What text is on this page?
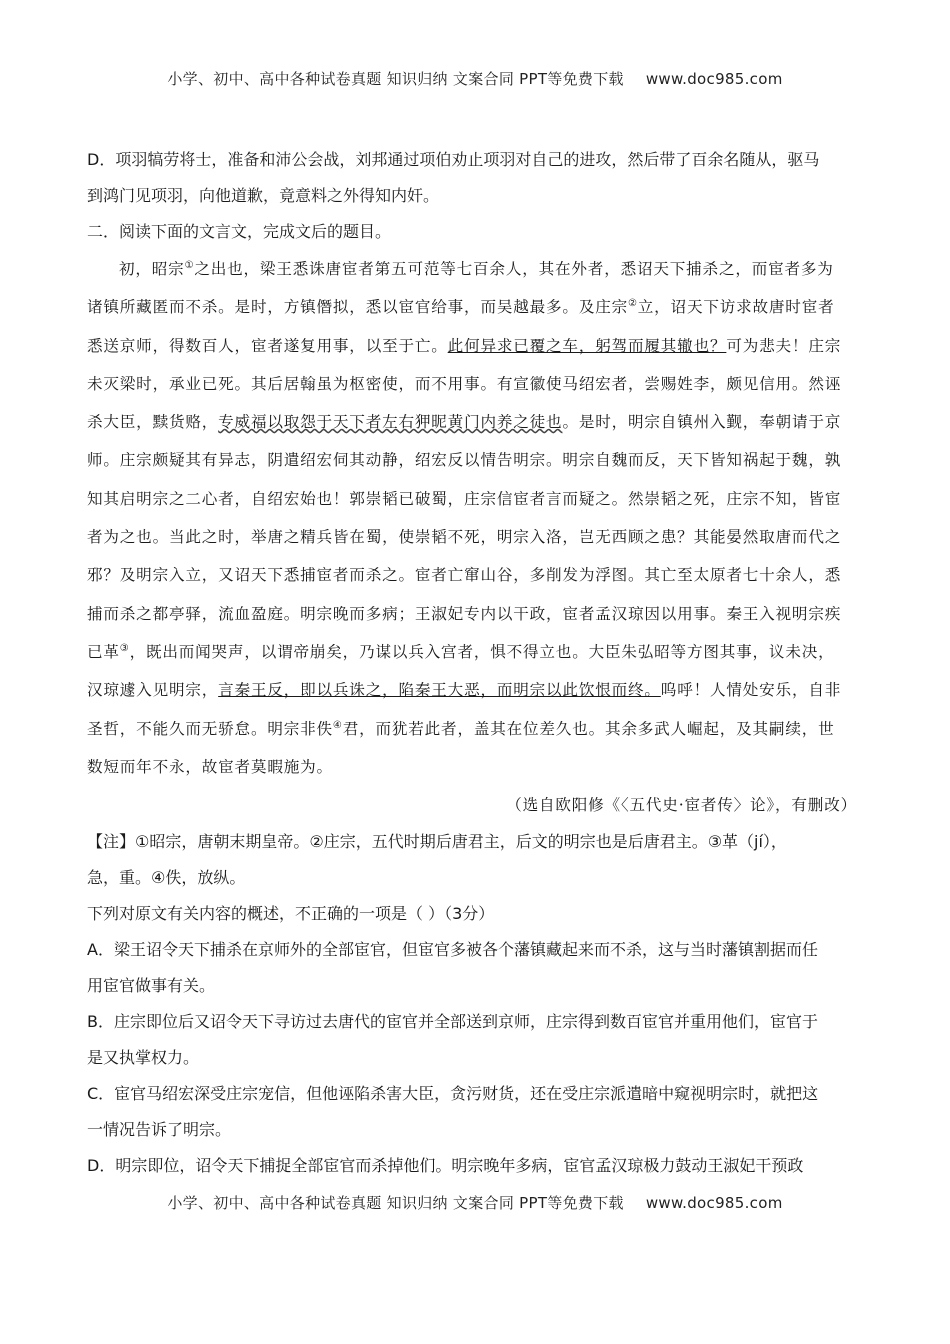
小学、初中、高中各种试卷真题 知识归纳 文案合同 PPT等免费下载 www.doc985.com
D．项羽犒劳将士，准备和沛公会战，刘邦通过项伯劝止项羽对自己的进攻，然后带了百余名随从，驱马
到鸿门见项羽，向他道歉，竟意料之外得知内奸。
二．阅读下面的文言文，完成文后的题目。
初，昭宗①之出也，梁王悉诛唐宦者第五可范等七百余人，其在外者，悉诏天下捕杀之，而宦者多为
诸镇所藏匿而不杀。是时，方镇僭拟，悉以宦官给事，而吴越最多。及庄宗②立，诏天下访求故唐时宦者
悉送京师，得数百人，宦者遂复用事，以至于亡。此何异求已覆之车，躬驾而履其辙也？可为悲夫！庄宗
未灭梁时，承业已死。其后居翰虽为枢密使，而不用事。有宣徽使马绍宏者，尝赐姓李，颇见信用。然诬
杀大臣，黩货赂，专威福以取怨于天下者左右狎昵黄门内养之徒也。是时，明宗自镇州入觐，奉朝请于京
师。庄宗颇疑其有异志，阴遣绍宏伺其动静，绍宏反以情告明宗。明宗自魏而反，天下皆知祸起于魏，孰
知其启明宗之二心者，自绍宏始也！郭崇韬已破蜀，庄宗信宦者言而疑之。然崇韬之死，庄宗不知，皆宦
者为之也。当此之时，举唐之精兵皆在蜀，使崇韬不死，明宗入洛，岂无西顾之患？其能晏然取唐而代之
邪？及明宗入立，又诏天下悉捕宦者而杀之。宦者亡窜山谷，多削发为浮图。其亡至太原者七十余人，悉
捕而杀之都亭驿，流血盈庭。明宗晚而多病；王淑妃专内以干政，宦者孟汉琼因以用事。秦王入视明宗疾
已革③，既出而闻哭声，以谓帝崩矣，乃谋以兵入宫者，惧不得立也。大臣朱弘昭等方图其事，议未决，
汉琼遽入见明宗，言秦王反，即以兵诛之，陷秦王大恶，而明宗以此饮恨而终。呜呼！人情处安乐，自非
圣哲，不能久而无骄怠。明宗非佚④君，而犹若此者，盖其在位差久也。其余多武人崛起，及其嗣续，世
数短而年不永，故宦者莫暇施为。
（选自欧阳修《〈五代史·宦者传〉论》，有删改）
【注】①昭宗，唐朝末期皇帝。②庄宗，五代时期后唐君主，后文的明宗也是后唐君主。③革（jí），
急，重。④佚，放纵。
下列对原文有关内容的概述，不正确的一项是（ ）（3分）
A．梁王诏令天下捕杀在京师外的全部宦官，但宦官多被各个藩镇藏起来而不杀，这与当时藩镇割据而任
用宦官做事有关。
B．庄宗即位后又诏令天下寻访过去唐代的宦官并全部送到京师，庄宗得到数百宦官并重用他们，宦官于
是又执掌权力。
C．宦官马绍宏深受庄宗宠信，但他诬陷杀害大臣，贪污财货，还在受庄宗派遣暗中窥视明宗时，就把这
一情况告诉了明宗。
D．明宗即位，诏令天下捕捉全部宦官而杀掉他们。明宗晚年多病，宦官孟汉琼极力鼓动王淑妃干预政
小学、初中、高中各种试卷真题 知识归纳 文案合同 PPT等免费下载 www.doc985.com
